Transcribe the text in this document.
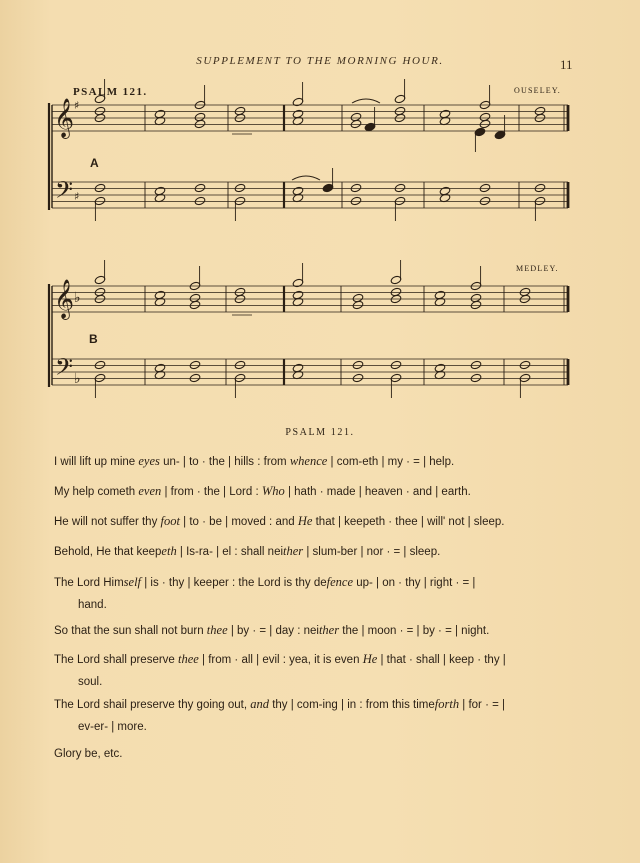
SUPPLEMENT TO THE MORNING HOUR.	11
PSALM 121.	OUSELEY.
MEDLEY.
A
B
𝄞
𝄢
♯
♯
𝄞
𝄢
♭
♭
PSALM 121.
I will lift up mine eyes un- | to · the | hills : from whence | com-eth | my · = | help.
My help cometh even | from · the | Lord : Who | hath · made | heaven · and | earth.
He will not suffer thy foot | to · be | moved : and He that | keepeth · thee | will' not | sleep.
Behold, He that keepeth | Is-ra- | el : shall neither | slum-ber | nor · = | sleep.
The Lord Himself | is · thy | keeper : the Lord is thy defence up- | on · thy | right · = |
hand.
So that the sun shall not burn thee | by · = | day : neither the | moon · = | by · = | night.
The Lord shall preserve thee | from · all | evil : yea, it is even He | that · shall | keep · thy |
soul.
The Lord shail preserve thy going out, and thy | com-ing | in : from this timeforth | for · = |
ev-er- | more.
Glory be, etc.
